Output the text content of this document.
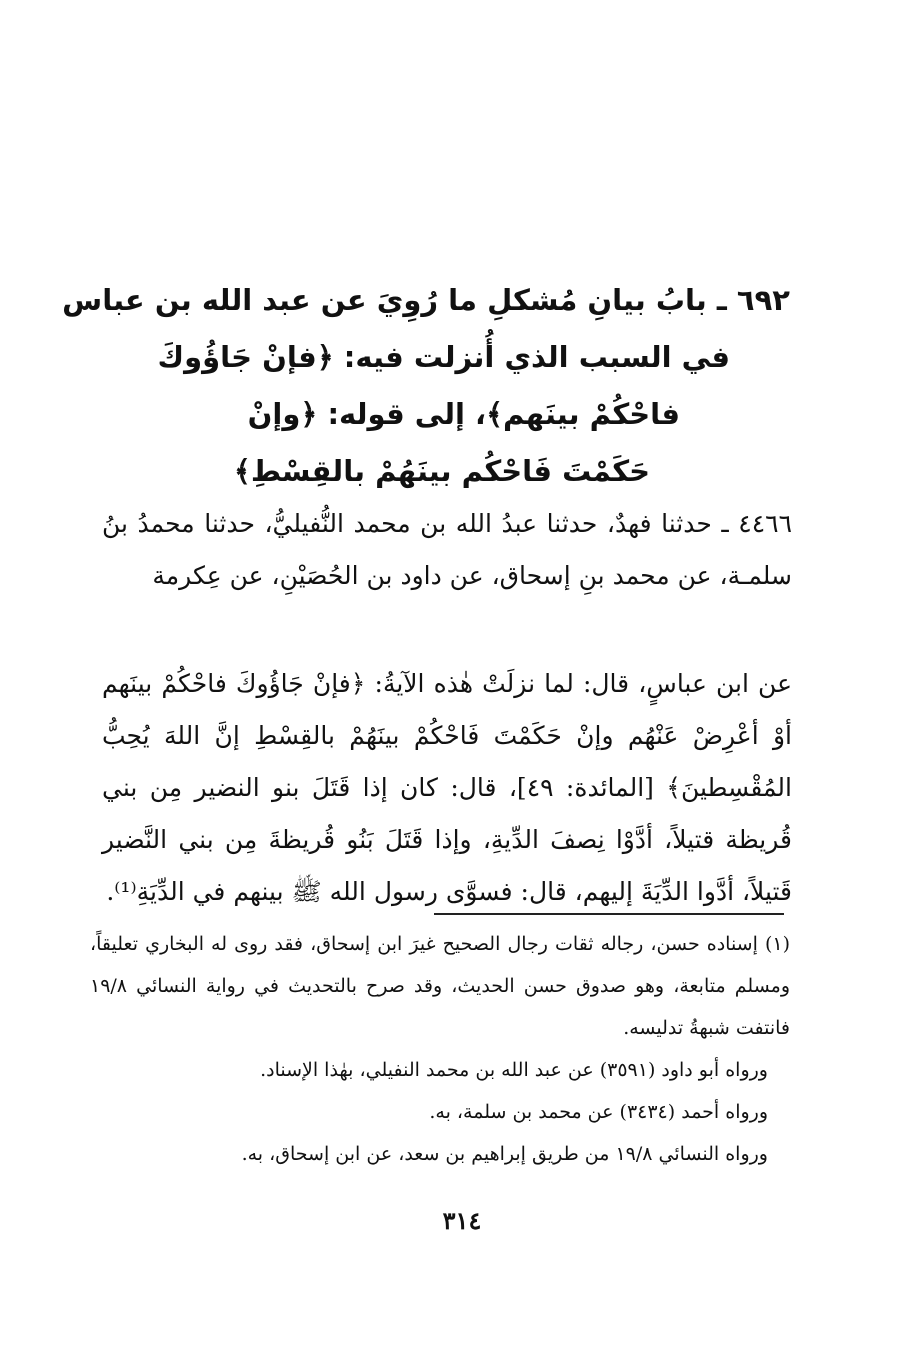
٦٩٢ ـ بابُ بيانِ مُشكلِ ما رُوِيَ عن عبد الله بن عباس
في السبب الذي أُنزلت فيه: ﴿فإنْ جَاؤُوكَ
فاحْكُمْ بينَهم﴾، إلى قوله: ﴿وإنْ
حَكَمْتَ فَاحْكُم بينَهُمْ بالقِسْطِ﴾
٤٤٦٦ ـ حدثنا فهدٌ، حدثنا عبدُ الله بن محمد النُّفيليُّ، حدثنا محمدُ بنُ سلمـة، عن محمد بنِ إسحاق، عن داود بن الحُصَيْنِ، عن عِكرمة
عن ابن عباسٍ، قال: لما نزلَتْ هٰذه الآيةُ: ﴿فإنْ جَاؤُوكَ فاحْكُمْ بينَهم أوْ أعْرِضْ عَنْهُم وإنْ حَكَمْتَ فَاحْكُمْ بينَهُمْ بالقِسْطِ إنَّ اللهَ يُحِبُّ المُقْسِطينَ﴾ [المائدة: ٤٩]، قال: كان إذا قَتَلَ بنو النضير مِن بني قُريظة قتيلاً، أدَّوْا نِصفَ الدِّيةِ، وإذا قَتَلَ بَنُو قُريظةَ مِن بني النَّضير قَتيلاً، أدَّوا الدِّيَةَ إليهم، قال: فسوَّى رسول الله ﷺ بينهم في الدِّيَةِ⁽¹⁾.

(١) إسناده حسن، رجاله ثقات رجال الصحيح غيرَ ابن إسحاق، فقد روى له البخاري تعليقاً، ومسلم متابعة، وهو صدوق حسن الحديث، وقد صرح بالتحديث في رواية النسائي ١٩/٨ فانتفت شبهةُ تدليسه.

ورواه أبو داود (٣٥٩١) عن عبد الله بن محمد النفيلي، بهٰذا الإسناد.

ورواه أحمد (٣٤٣٤) عن محمد بن سلمة، به.

ورواه النسائي ١٩/٨ من طريق إبراهيم بن سعد، عن ابن إسحاق، به.

٣١٤
